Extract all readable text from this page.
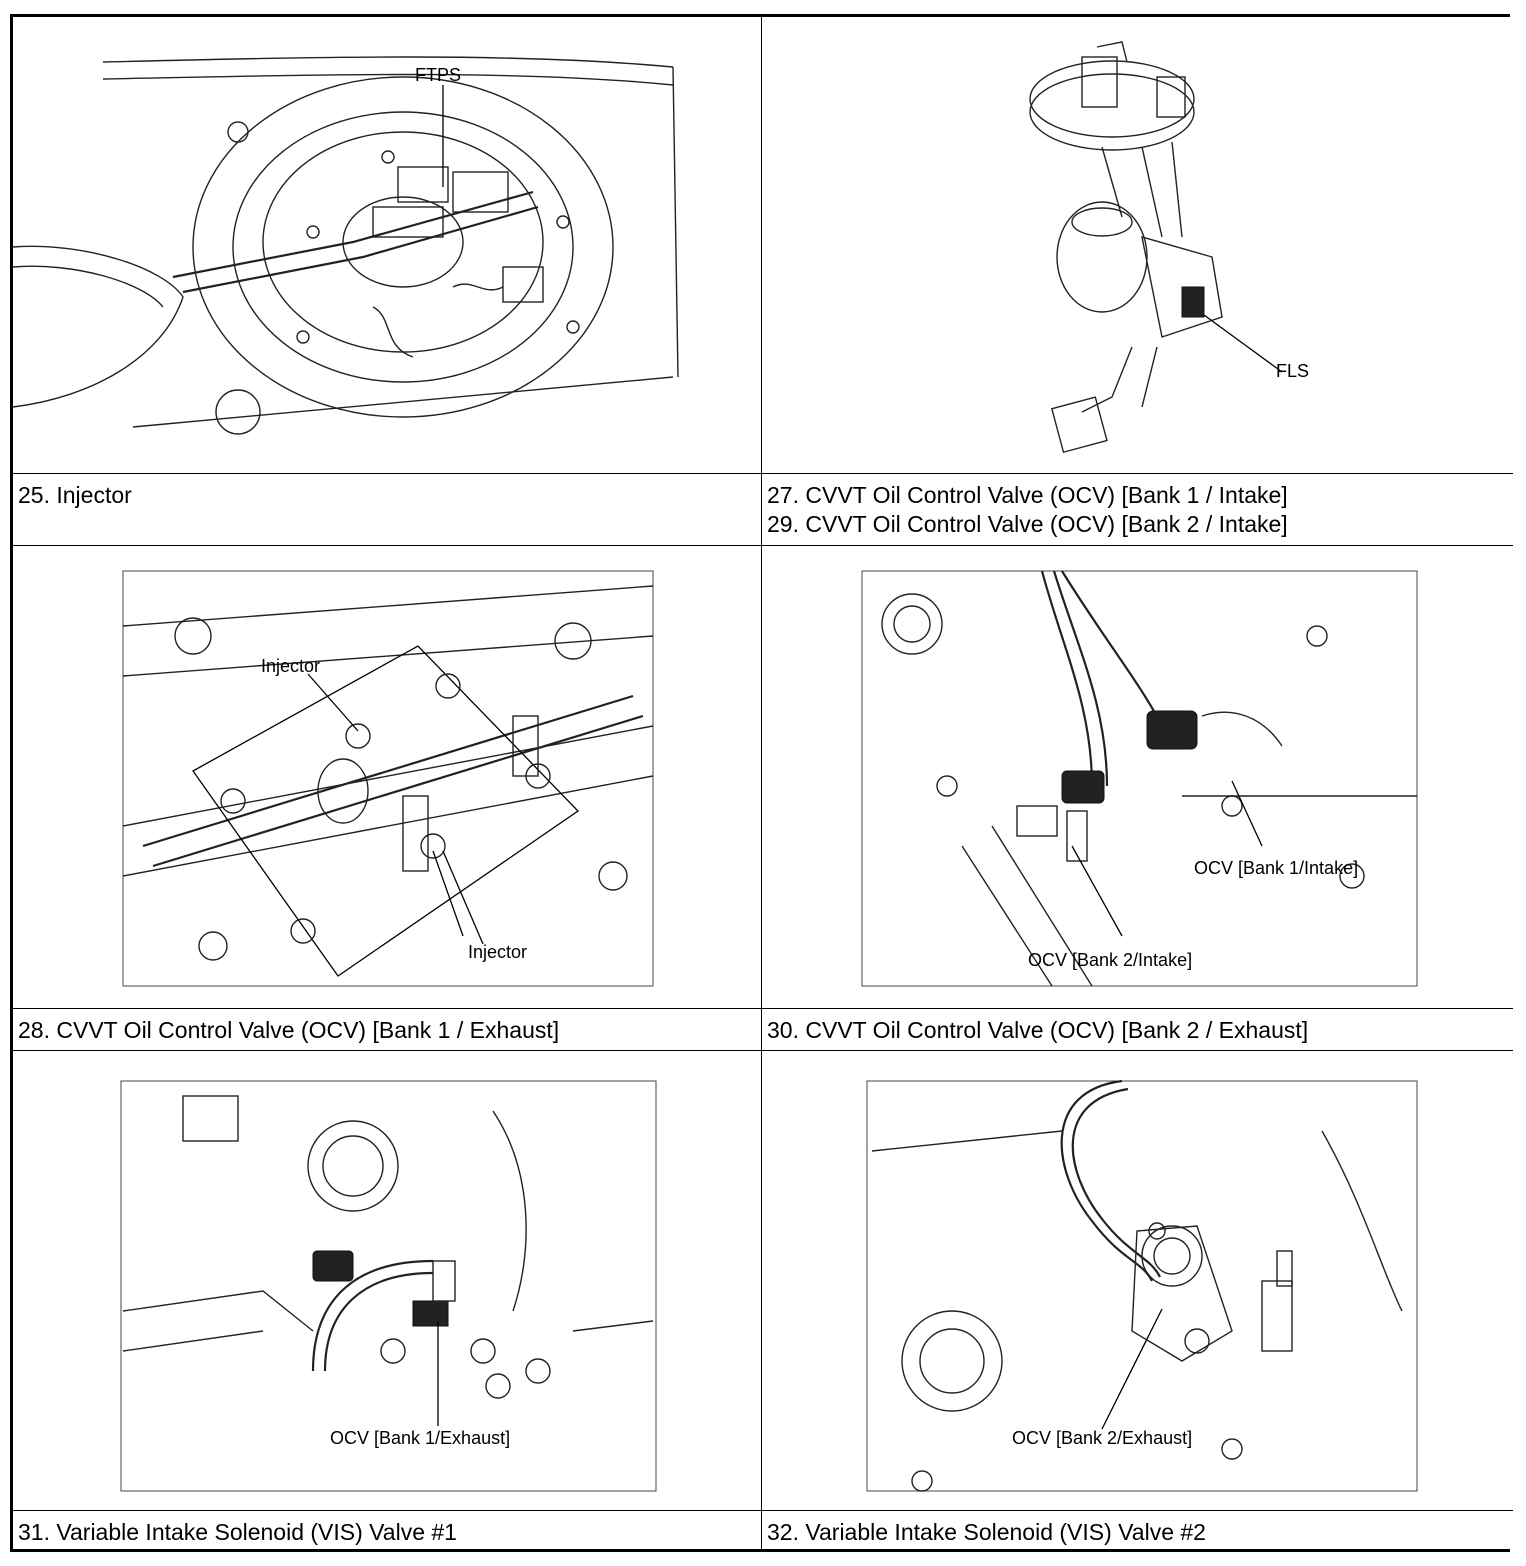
FTPS
FLS
25. Injector	27. CVVT Oil Control Valve (OCV) [Bank 1 / Intake]
29. CVVT Oil Control Valve (OCV) [Bank 2 / Intake]
Injector
Injector
OCV [Bank 1/Intake]
OCV [Bank 2/Intake]
28. CVVT Oil Control Valve (OCV) [Bank 1 / Exhaust]	30. CVVT Oil Control Valve (OCV) [Bank 2 / Exhaust]
OCV [Bank 1/Exhaust]	OCV [Bank 2/Exhaust]
31. Variable Intake Solenoid (VIS) Valve #1	32. Variable Intake Solenoid (VIS) Valve #2
